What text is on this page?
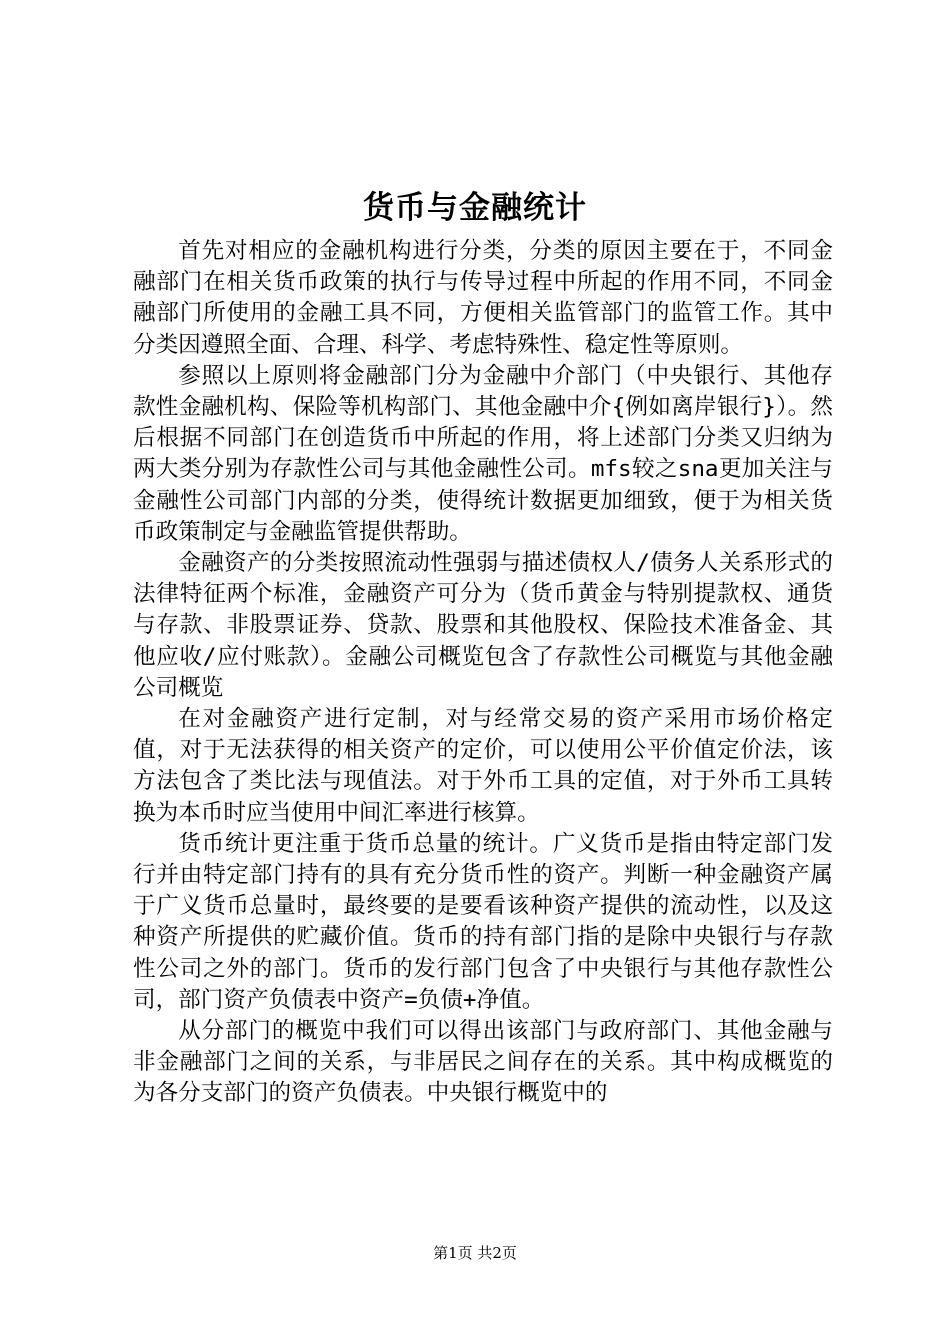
货币与金融统计

首先对相应的金融机构进行分类，分类的原因主要在于，不同金融部门在相关货币政策的执行与传导过程中所起的作用不同，不同金融部门所使用的金融工具不同，方便相关监管部门的监管工作。其中分类因遵照全面、合理、科学、考虑特殊性、稳定性等原则。

参照以上原则将金融部门分为金融中介部门（中央银行、其他存款性金融机构、保险等机构部门、其他金融中介{例如离岸银行}）。然后根据不同部门在创造货币中所起的作用，将上述部门分类又归纳为两大类分别为存款性公司与其他金融性公司。mfs较之sna更加关注与金融性公司部门内部的分类，使得统计数据更加细致，便于为相关货币政策制定与金融监管提供帮助。

金融资产的分类按照流动性强弱与描述债权人/债务人关系形式的法律特征两个标准，金融资产可分为（货币黄金与特别提款权、通货与存款、非股票证券、贷款、股票和其他股权、保险技术准备金、其他应收/应付账款）。金融公司概览包含了存款性公司概览与其他金融公司概览

在对金融资产进行定制，对与经常交易的资产采用市场价格定值，对于无法获得的相关资产的定价，可以使用公平价值定价法，该方法包含了类比法与现值法。对于外币工具的定值，对于外币工具转换为本币时应当使用中间汇率进行核算。

货币统计更注重于货币总量的统计。广义货币是指由特定部门发行并由特定部门持有的具有充分货币性的资产。判断一种金融资产属于广义货币总量时，最终要的是要看该种资产提供的流动性，以及这种资产所提供的贮藏价值。货币的持有部门指的是除中央银行与存款性公司之外的部门。货币的发行部门包含了中央银行与其他存款性公司，部门资产负债表中资产=负债+净值。

从分部门的概览中我们可以得出该部门与政府部门、其他金融与非金融部门之间的关系，与非居民之间存在的关系。其中构成概览的为各分支部门的资产负债表。中央银行概览中的

第1页 共2页
